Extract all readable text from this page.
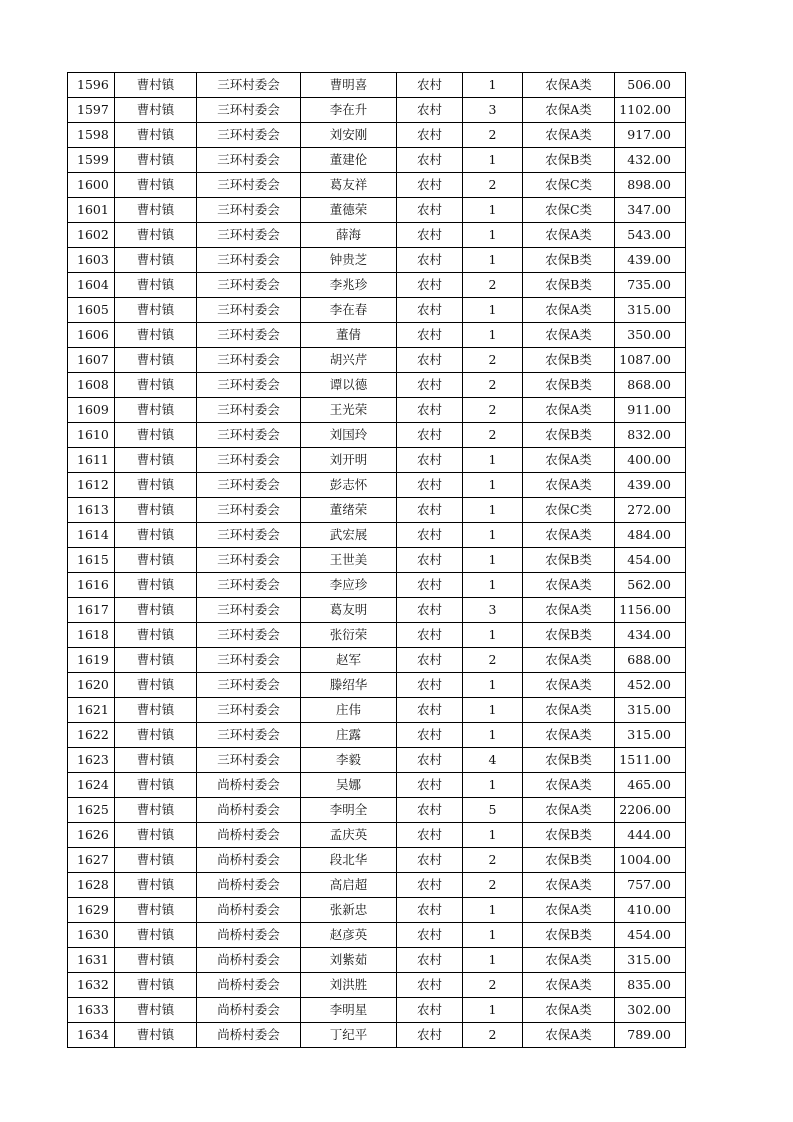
1596	曹村镇	三环村委会	曹明喜	农村	1	农保A类	506.00
1597	曹村镇	三环村委会	李在升	农村	3	农保A类	1102.00
1598	曹村镇	三环村委会	刘安刚	农村	2	农保A类	917.00
1599	曹村镇	三环村委会	董建伦	农村	1	农保B类	432.00
1600	曹村镇	三环村委会	葛友祥	农村	2	农保C类	898.00
1601	曹村镇	三环村委会	董德荣	农村	1	农保C类	347.00
1602	曹村镇	三环村委会	薛海	农村	1	农保A类	543.00
1603	曹村镇	三环村委会	钟贵芝	农村	1	农保B类	439.00
1604	曹村镇	三环村委会	李兆珍	农村	2	农保B类	735.00
1605	曹村镇	三环村委会	李在春	农村	1	农保A类	315.00
1606	曹村镇	三环村委会	董倩	农村	1	农保A类	350.00
1607	曹村镇	三环村委会	胡兴芹	农村	2	农保B类	1087.00
1608	曹村镇	三环村委会	谭以德	农村	2	农保B类	868.00
1609	曹村镇	三环村委会	王光荣	农村	2	农保A类	911.00
1610	曹村镇	三环村委会	刘国玲	农村	2	农保B类	832.00
1611	曹村镇	三环村委会	刘开明	农村	1	农保A类	400.00
1612	曹村镇	三环村委会	彭志怀	农村	1	农保A类	439.00
1613	曹村镇	三环村委会	董绪荣	农村	1	农保C类	272.00
1614	曹村镇	三环村委会	武宏展	农村	1	农保A类	484.00
1615	曹村镇	三环村委会	王世美	农村	1	农保B类	454.00
1616	曹村镇	三环村委会	李应珍	农村	1	农保A类	562.00
1617	曹村镇	三环村委会	葛友明	农村	3	农保A类	1156.00
1618	曹村镇	三环村委会	张衍荣	农村	1	农保B类	434.00
1619	曹村镇	三环村委会	赵军	农村	2	农保A类	688.00
1620	曹村镇	三环村委会	滕绍华	农村	1	农保A类	452.00
1621	曹村镇	三环村委会	庄伟	农村	1	农保A类	315.00
1622	曹村镇	三环村委会	庄露	农村	1	农保A类	315.00
1623	曹村镇	三环村委会	李毅	农村	4	农保B类	1511.00
1624	曹村镇	尚桥村委会	吴娜	农村	1	农保A类	465.00
1625	曹村镇	尚桥村委会	李明全	农村	5	农保A类	2206.00
1626	曹村镇	尚桥村委会	孟庆英	农村	1	农保B类	444.00
1627	曹村镇	尚桥村委会	段北华	农村	2	农保B类	1004.00
1628	曹村镇	尚桥村委会	高启超	农村	2	农保A类	757.00
1629	曹村镇	尚桥村委会	张新忠	农村	1	农保A类	410.00
1630	曹村镇	尚桥村委会	赵彦英	农村	1	农保B类	454.00
1631	曹村镇	尚桥村委会	刘紫茹	农村	1	农保A类	315.00
1632	曹村镇	尚桥村委会	刘洪胜	农村	2	农保A类	835.00
1633	曹村镇	尚桥村委会	李明星	农村	1	农保A类	302.00
1634	曹村镇	尚桥村委会	丁纪平	农村	2	农保A类	789.00
